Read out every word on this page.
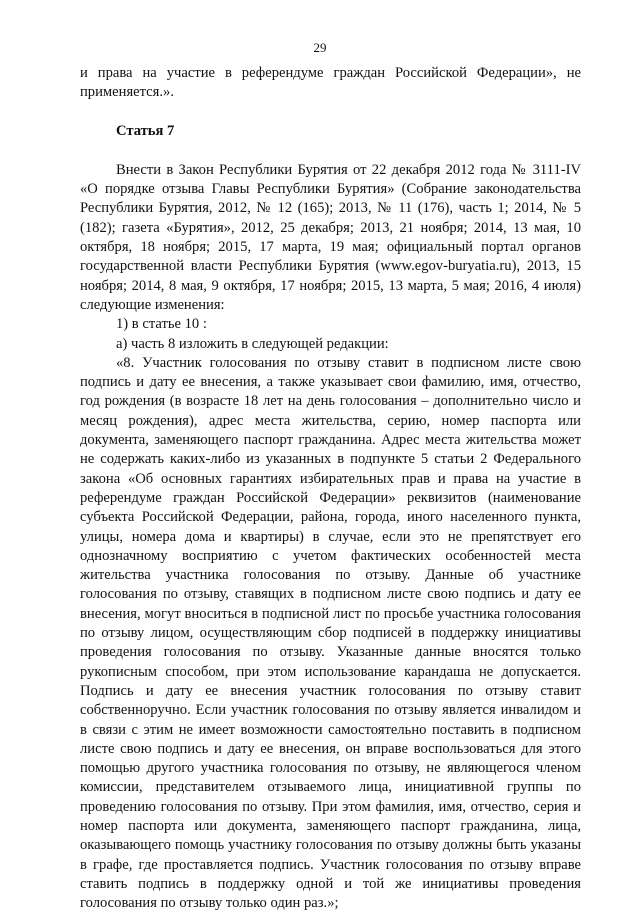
29

и права на участие в референдуме граждан Российской Федерации», не применяется.».

Статья 7

Внести в Закон Республики Бурятия от 22 декабря 2012 года № 3111-IV «О порядке отзыва Главы Республики Бурятия» (Собрание законодательства Республики Бурятия, 2012, № 12 (165); 2013, № 11 (176), часть 1; 2014, № 5 (182); газета «Бурятия», 2012, 25 декабря; 2013, 21 ноября; 2014, 13 мая, 10 октября, 18 ноября; 2015, 17 марта, 19 мая; официальный портал органов государственной власти Республики Бурятия (www.egov-buryatia.ru), 2013, 15 ноября; 2014, 8 мая, 9 октября, 17 ноября; 2015, 13 марта, 5 мая; 2016, 4 июля) следующие изменения:

1) в статье 10 :

а) часть 8 изложить в следующей редакции:

«8. Участник голосования по отзыву ставит в подписном листе свою подпись и дату ее внесения, а также указывает свои фамилию, имя, отчество, год рождения (в возрасте 18 лет на день голосования – дополнительно число и месяц рождения), адрес места жительства, серию, номер паспорта или документа, заменяющего паспорт гражданина. Адрес места жительства может не содержать каких-либо из указанных в подпункте 5 статьи 2 Федерального закона «Об основных гарантиях избирательных прав и права на участие в референдуме граждан Российской Федерации» реквизитов (наименование субъекта Российской Федерации, района, города, иного населенного пункта, улицы, номера дома и квартиры) в случае, если это не препятствует его однозначному восприятию с учетом фактических особенностей места жительства участника голосования по отзыву. Данные об участнике голосования по отзыву, ставящих в подписном листе свою подпись и дату ее внесения, могут вноситься в подписной лист по просьбе участника голосования по отзыву лицом, осуществляющим сбор подписей в поддержку инициативы проведения голосования по отзыву. Указанные данные вносятся только рукописным способом, при этом использование карандаша не допускается. Подпись и дату ее внесения участник голосования по отзыву ставит собственноручно. Если участник голосования по отзыву является инвалидом и в связи с этим не имеет возможности самостоятельно поставить в подписном листе свою подпись и дату ее внесения, он вправе воспользоваться для этого помощью другого участника голосования по отзыву, не являющегося членом комиссии, представителем отзываемого лица, инициативной группы по проведению голосования по отзыву. При этом фамилия, имя, отчество, серия и номер паспорта или документа, заменяющего паспорт гражданина, лица, оказывающего помощь участнику голосования по отзыву должны быть указаны в графе, где проставляется подпись. Участник голосования по отзыву вправе ставить подпись в поддержку одной и той же инициативы проведения голосования по отзыву только один раз.»;
